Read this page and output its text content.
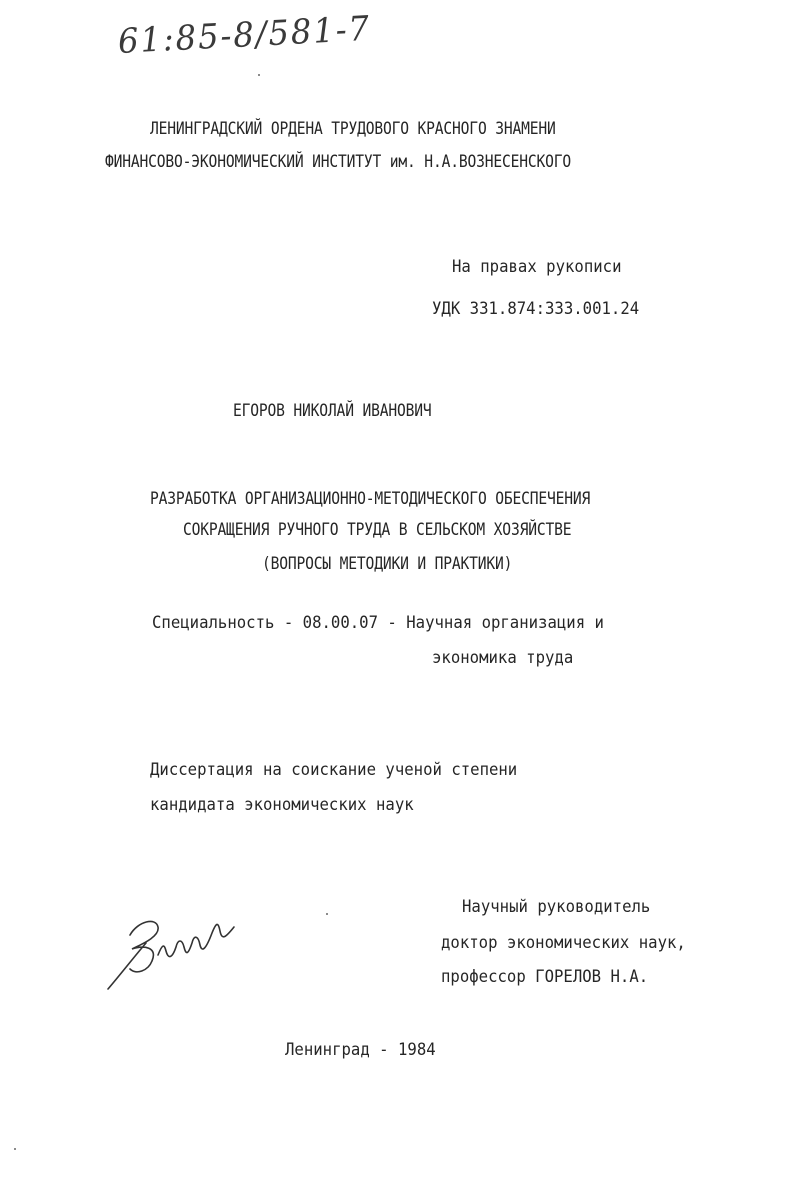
61:85-8/581-7
ЛЕНИНГРАДСКИЙ ОРДЕНА ТРУДОВОГО КРАСНОГО ЗНАМЕНИ
ФИНАНСОВО-ЭКОНОМИЧЕСКИЙ ИНСТИТУТ им. Н.А.ВОЗНЕСЕНСКОГО
На правах рукописи
УДК 331.874:333.001.24
ЕГОРОВ НИКОЛАЙ ИВАНОВИЧ
РАЗРАБОТКА ОРГАНИЗАЦИОННО-МЕТОДИЧЕСКОГО ОБЕСПЕЧЕНИЯ
СОКРАЩЕНИЯ РУЧНОГО ТРУДА В СЕЛЬСКОМ ХОЗЯЙСТВЕ
(ВОПРОСЫ МЕТОДИКИ И ПРАКТИКИ)
Специальность - 08.00.07 - Научная организация и
экономика труда
Диссертация на соискание ученой степени
кандидата экономических наук
Научный руководитель
доктор экономических наук,
профессор ГОРЕЛОВ Н.А.
Ленинград - 1984
